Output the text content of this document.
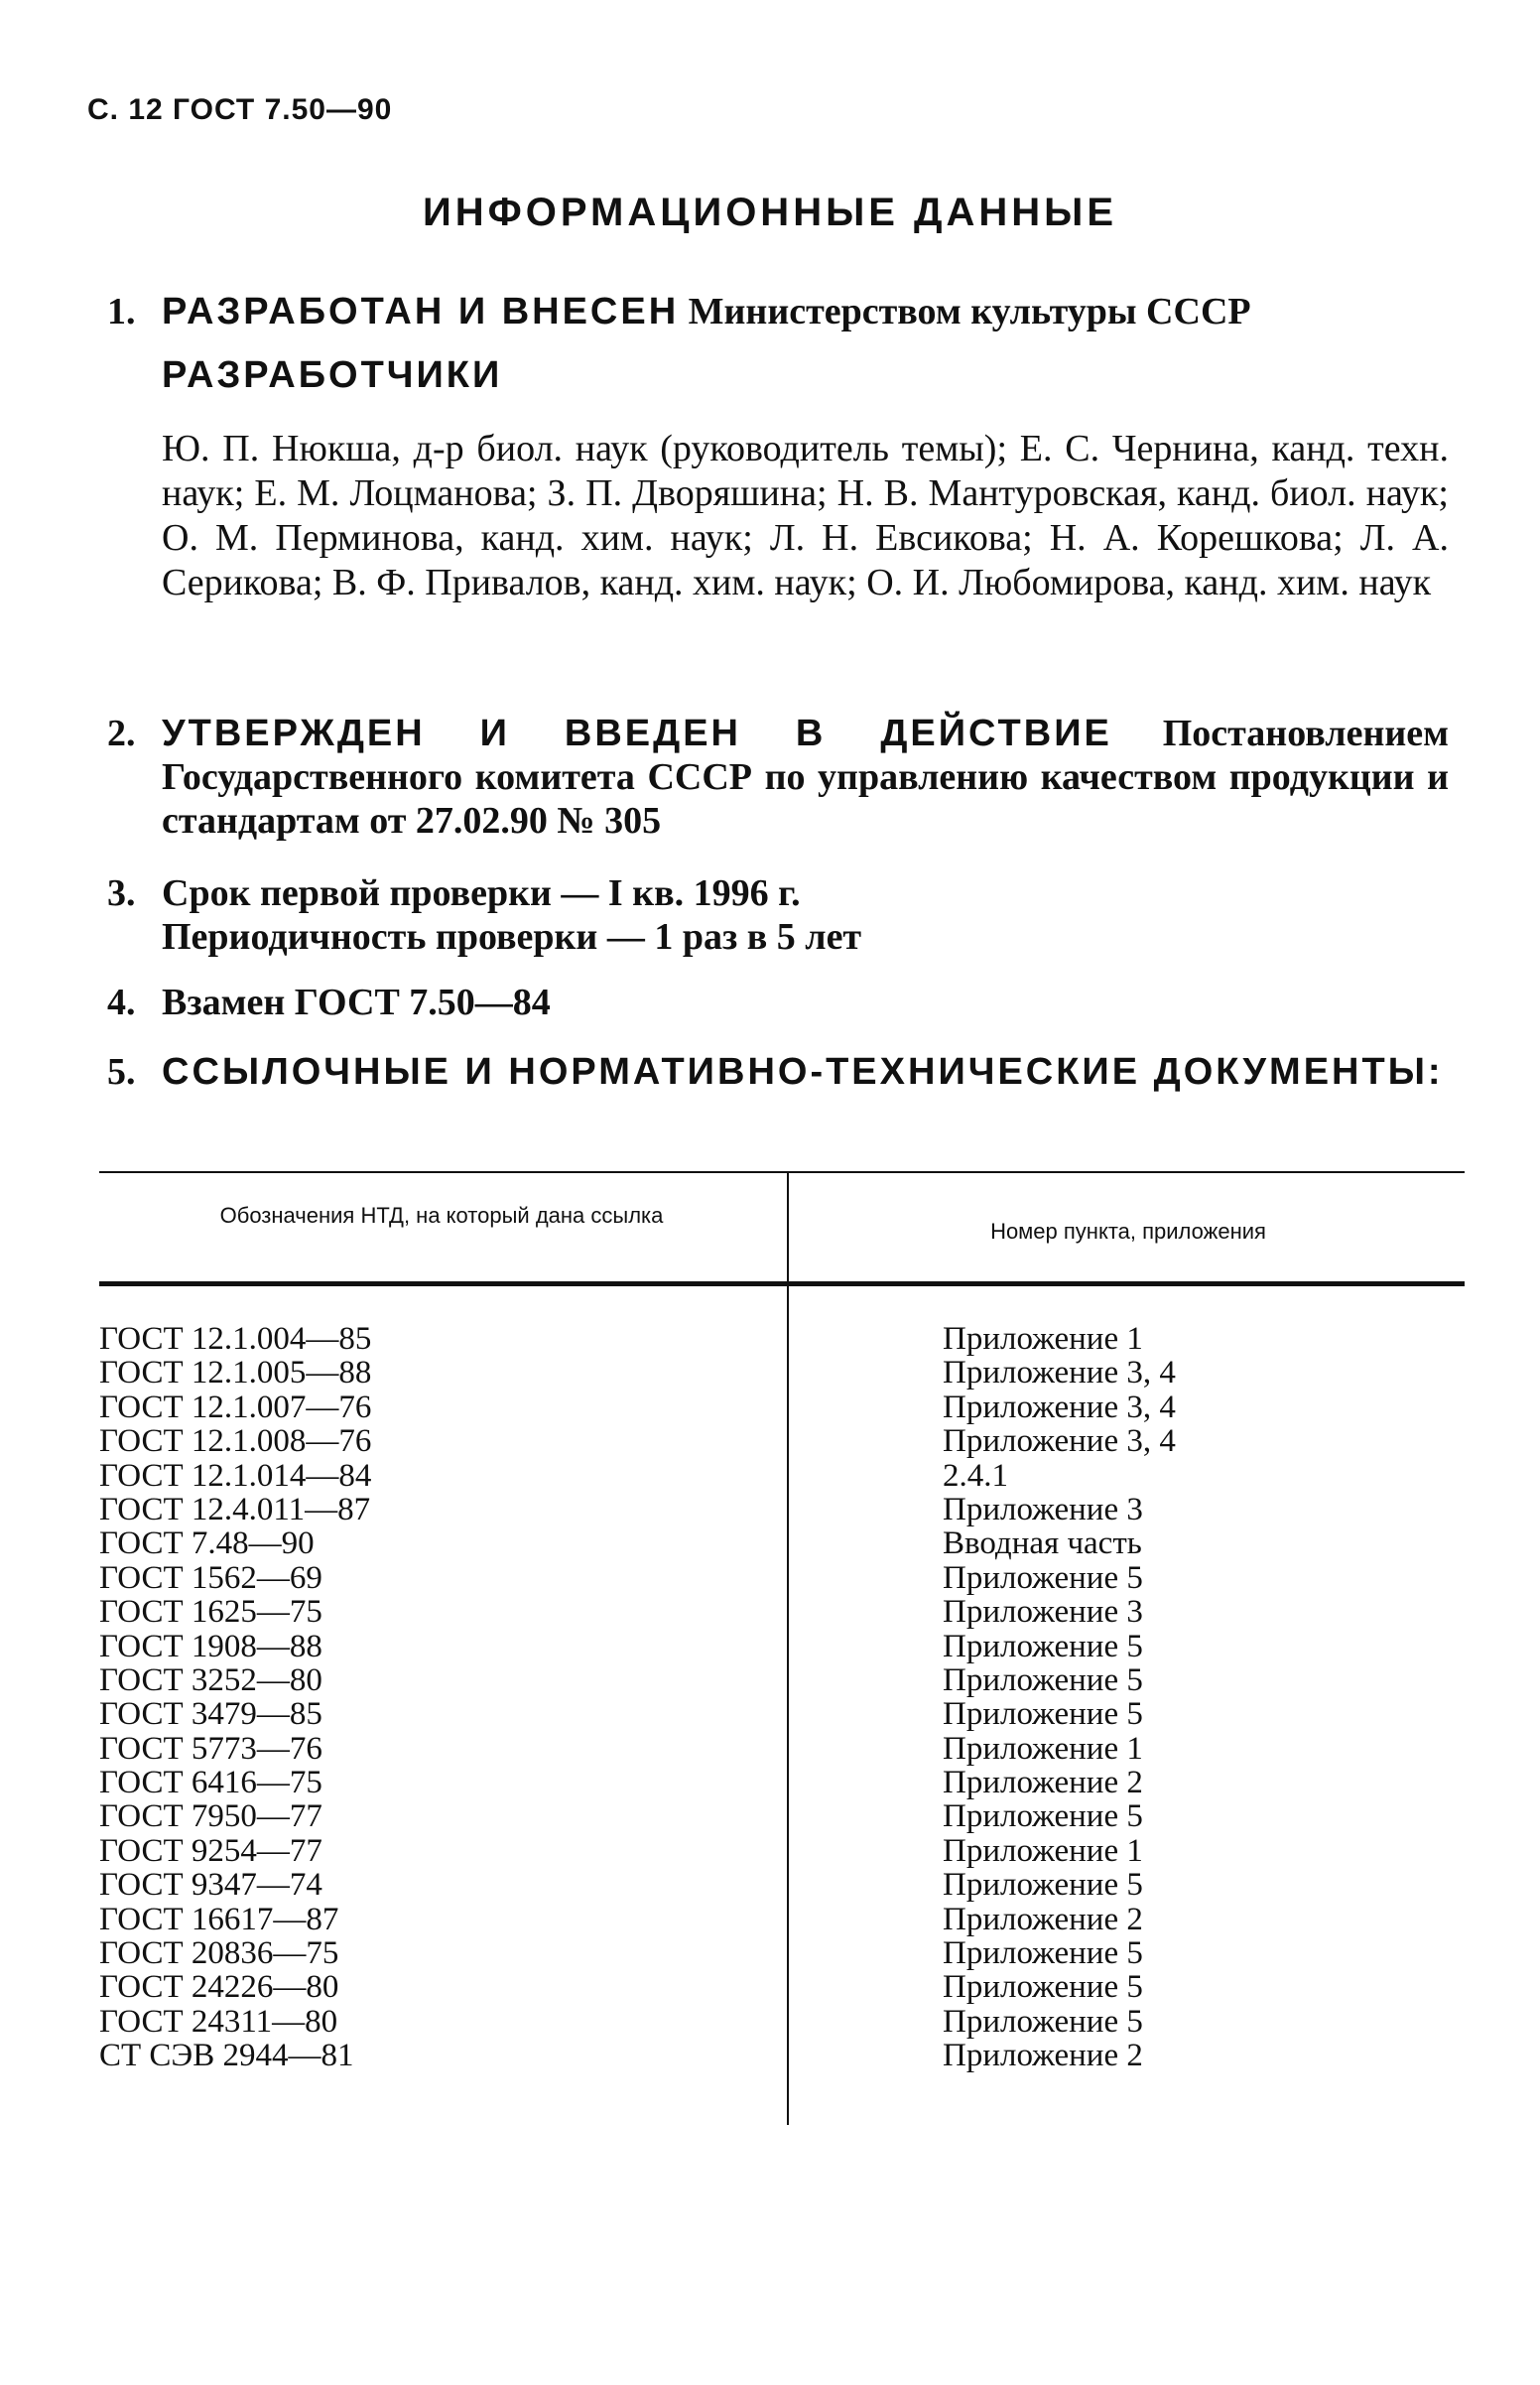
С. 12 ГОСТ 7.50—90
ИНФОРМАЦИОННЫЕ ДАННЫЕ
1. РАЗРАБОТАН И ВНЕСЕН Министерством культуры СССР
РАЗРАБОТЧИКИ
Ю. П. Нюкша, д-р биол. наук (руководитель темы); Е. С. Чернина, канд. техн. наук; Е. М. Лоцманова; З. П. Дворяшина; Н. В. Мантуровская, канд. биол. наук; О. М. Перминова, канд. хим. наук; Л. Н. Евсикова; Н. А. Корешкова; Л. А. Серикова; В. Ф. Привалов, канд. хим. наук; О. И. Любомирова, канд. хим. наук
2. УТВЕРЖДЕН И ВВЕДЕН В ДЕЙСТВИЕ Постановлением Государственного комитета СССР по управлению качеством продукции и стандартам от 27.02.90 № 305
3. Срок первой проверки — I кв. 1996 г.
Периодичность проверки — 1 раз в 5 лет
4. Взамен ГОСТ 7.50—84
5. ССЫЛОЧНЫЕ И НОРМАТИВНО-ТЕХНИЧЕСКИЕ ДОКУМЕНТЫ:
Обозначения НТД, на который дана ссылка
Номер пункта, приложения
ГОСТ 12.1.004—85
ГОСТ 12.1.005—88
ГОСТ 12.1.007—76
ГОСТ 12.1.008—76
ГОСТ 12.1.014—84
ГОСТ 12.4.011—87
ГОСТ 7.48—90
ГОСТ 1562—69
ГОСТ 1625—75
ГОСТ 1908—88
ГОСТ 3252—80
ГОСТ 3479—85
ГОСТ 5773—76
ГОСТ 6416—75
ГОСТ 7950—77
ГОСТ 9254—77
ГОСТ 9347—74
ГОСТ 16617—87
ГОСТ 20836—75
ГОСТ 24226—80
ГОСТ 24311—80
СТ СЭВ 2944—81
Приложение 1
Приложение 3, 4
Приложение 3, 4
Приложение 3, 4
2.4.1
Приложение 3
Вводная часть
Приложение 5
Приложение 3
Приложение 5
Приложение 5
Приложение 5
Приложение 1
Приложение 2
Приложение 5
Приложение 1
Приложение 5
Приложение 2
Приложение 5
Приложение 5
Приложение 5
Приложение 2
